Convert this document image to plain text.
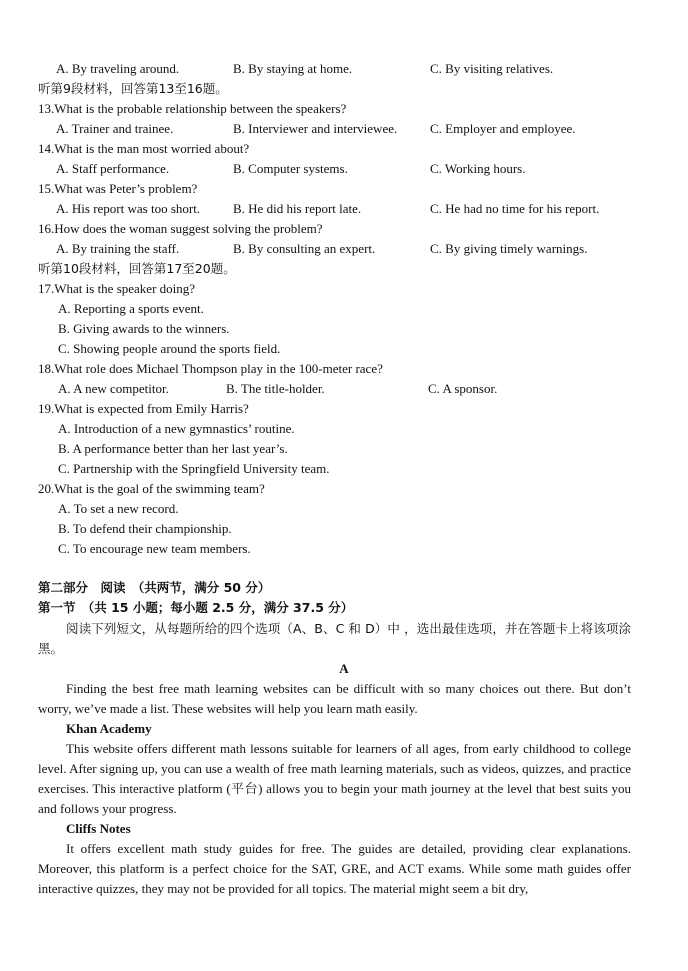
A. By traveling around.	B. By staying at home.	C. By visiting relatives.
听第9段材料，回答第13至16题。
13.What is the probable relationship between the speakers?
A. Trainer and trainee.	B. Interviewer and interviewee.	C. Employer and employee.
14.What is the man most worried about?
A. Staff performance.	B. Computer systems.	C. Working hours.
15.What was Peter’s problem?
A. His report was too short.	B. He did his report late.	C. He had no time for his report.
16.How does the woman suggest solving the problem?
A. By training the staff.	B. By consulting an expert.	C. By giving timely warnings.
听第10段材料，回答第17至20题。
17.What is the speaker doing?
A. Reporting a sports event.
B. Giving awards to the winners.
C. Showing people around the sports field.
18.What role does Michael Thompson play in the 100-meter race?
A. A new competitor.	B. The title-holder.	C. A sponsor.
19.What is expected from Emily Harris?
A. Introduction of a new gymnastics’ routine.
B. A performance better than her last year’s.
C. Partnership with the Springfield University team.
20.What is the goal of the swimming team?
A. To set a new record.
B. To defend their championship.
C. To encourage new team members.
第二部分　阅读　（共两节，满分 50 分）
第一节　（共 15 小题；每小题 2.5 分，满分 37.5 分）
阅读下列短文，从每题所给的四个选项（A、B、C 和 D）中 ，选出最佳选项，并在答题卡上将该项涂黑。
A
Finding the best free math learning websites can be difficult with so many choices out there. But don’t worry, we’ve made a list. These websites will help you learn math easily.
Khan Academy
This website offers different math lessons suitable for learners of all ages, from early childhood to college level. After signing up, you can use a wealth of free math learning materials, such as videos, quizzes, and practice exercises. This interactive platform (平台) allows you to begin your math journey at the level that best suits you and follows your progress.
Cliffs Notes
It offers excellent math study guides for free. The guides are detailed, providing clear explanations. Moreover, this platform is a perfect choice for the SAT, GRE, and ACT exams. While some math guides offer interactive quizzes, they may not be provided for all topics. The material might seem a bit dry,
